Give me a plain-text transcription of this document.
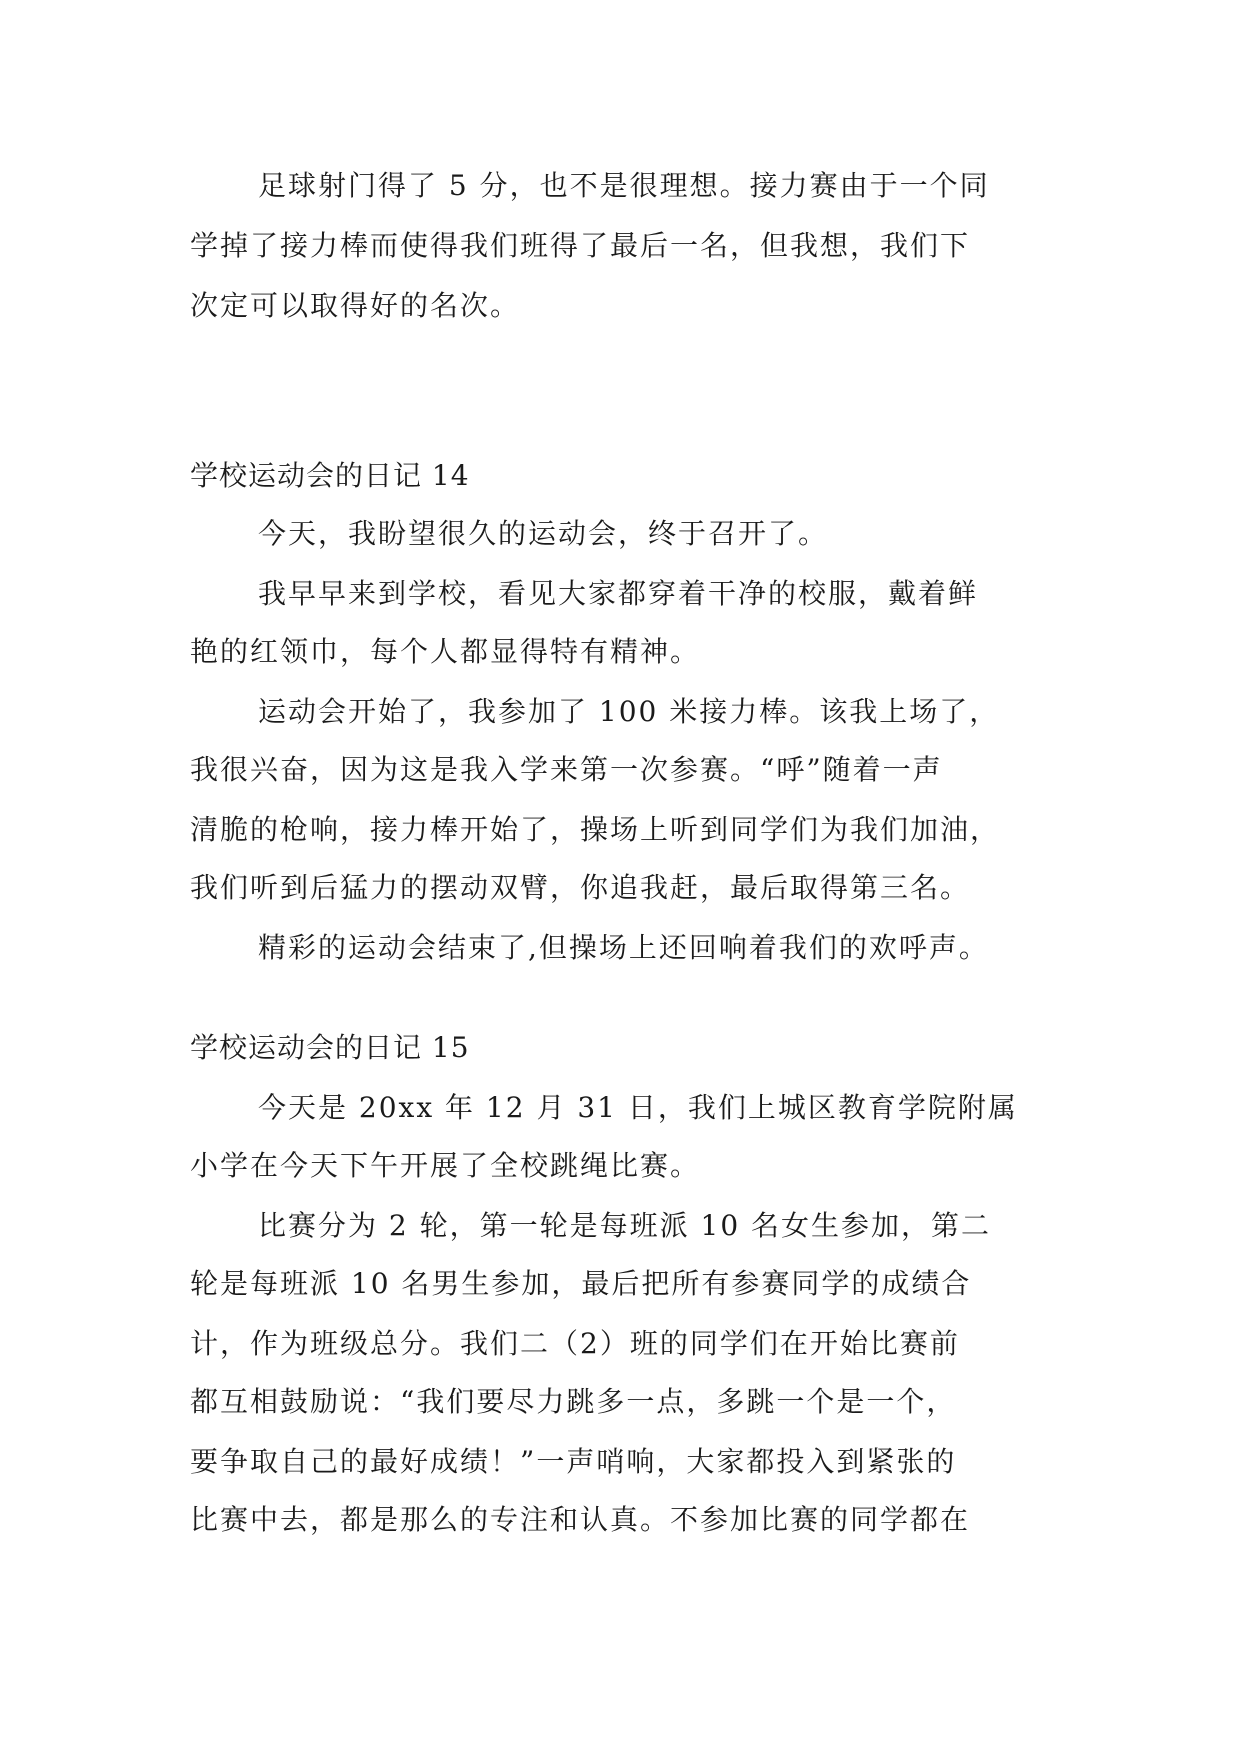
足球射门得了 5 分，也不是很理想。接力赛由于一个同
学掉了接力棒而使得我们班得了最后一名，但我想，我们下
次定可以取得好的名次。
学校运动会的日记 14
今天，我盼望很久的运动会，终于召开了。
我早早来到学校，看见大家都穿着干净的校服，戴着鲜
艳的红领巾，每个人都显得特有精神。
运动会开始了，我参加了 100 米接力棒。该我上场了，
我很兴奋，因为这是我入学来第一次参赛。“呼”随着一声
清脆的枪响，接力棒开始了，操场上听到同学们为我们加油，
我们听到后猛力的摆动双臂，你追我赶，最后取得第三名。
精彩的运动会结束了,但操场上还回响着我们的欢呼声。
学校运动会的日记 15
今天是 20xx 年 12 月 31 日，我们上城区教育学院附属
小学在今天下午开展了全校跳绳比赛。
比赛分为 2 轮，第一轮是每班派 10 名女生参加，第二
轮是每班派 10 名男生参加，最后把所有参赛同学的成绩合
计，作为班级总分。我们二（2）班的同学们在开始比赛前
都互相鼓励说：“我们要尽力跳多一点，多跳一个是一个，
要争取自己的最好成绩！”一声哨响，大家都投入到紧张的
比赛中去，都是那么的专注和认真。不参加比赛的同学都在
